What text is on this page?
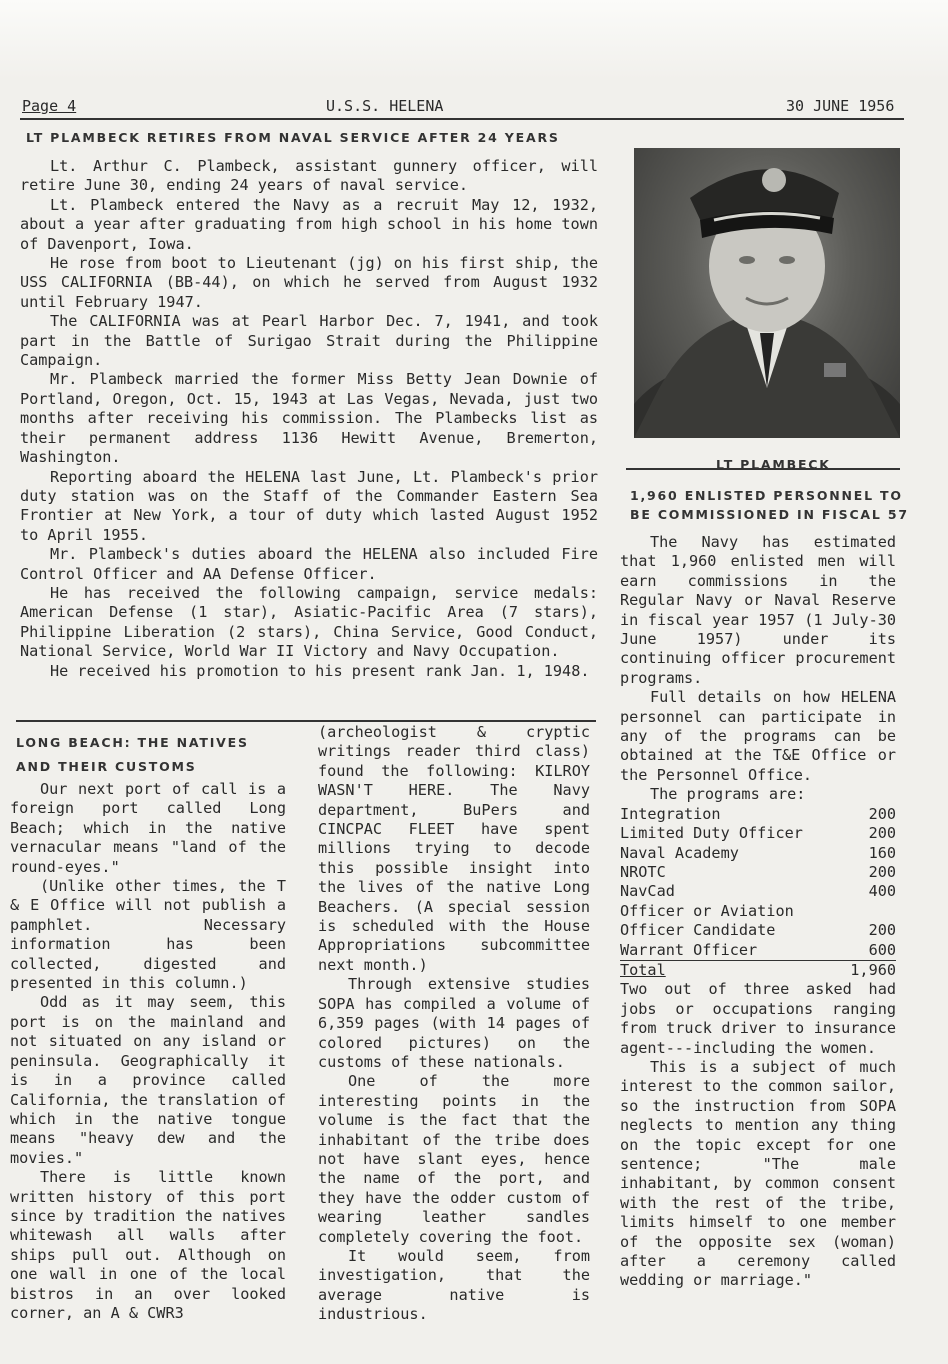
Page 4	U.S.S. HELENA	30 JUNE 1956
LT PLAMBECK RETIRES FROM NAVAL SERVICE AFTER 24 YEARS

Lt. Arthur C. Plambeck, assistant gunnery officer, will retire June 30, ending 24 years of naval service.

Lt. Plambeck entered the Navy as a recruit May 12, 1932, about a year after graduating from high school in his home town of Davenport, Iowa.

He rose from boot to Lieutenant (jg) on his first ship, the USS CALIFORNIA (BB-44), on which he served from August 1932 until February 1947.

The CALIFORNIA was at Pearl Harbor Dec. 7, 1941, and took part in the Battle of Surigao Strait during the Philippine Campaign.

Mr. Plambeck married the former Miss Betty Jean Downie of Portland, Oregon, Oct. 15, 1943 at Las Vegas, Nevada, just two months after receiving his commission. The Plambecks list as their permanent address 1136 Hewitt Avenue, Bremerton, Washington.

Reporting aboard the HELENA last June, Lt. Plambeck's prior duty station was on the Staff of the Commander Eastern Sea Frontier at New York, a tour of duty which lasted August 1952 to April 1955.

Mr. Plambeck's duties aboard the HELENA also included Fire Control Officer and AA Defense Officer.

He has received the following campaign, service medals: American Defense (1 star), Asiatic-Pacific Area (7 stars), Philippine Liberation (2 stars), China Service, Good Conduct, National Service, World War II Victory and Navy Occupation.

He received his promotion to his present rank Jan. 1, 1948.

LT PLAMBECK
1,960 ENLISTED PERSONNEL TO
BE COMMISSIONED IN FISCAL 57

The Navy has estimated that 1,960 enlisted men will earn commissions in the Regular Navy or Naval Reserve in fiscal year 1957 (1 July-30 June 1957) under its continuing officer procurement programs.

Full details on how HELENA personnel can participate in any of the programs can be obtained at the T&E Office or the Personnel Office.

The programs are:

Integration	200
Limited Duty Officer	200
Naval Academy	160
NROTC	200
NavCad	400
Officer or Aviation	
Officer Candidate	200
Warrant Officer	600
Total	1,960

Two out of three asked had jobs or occupations ranging from truck driver to insurance agent---including the women.

This is a subject of much interest to the common sailor, so the instruction from SOPA neglects to mention any thing on the topic except for one sentence; "The male inhabitant, by common consent with the rest of the tribe, limits himself to one member of the opposite sex (woman) after a ceremony called wedding or marriage."

LONG BEACH: THE NATIVES
AND THEIR CUSTOMS

Our next port of call is a foreign port called Long Beach; which in the native vernacular means "land of the round-eyes."

(Unlike other times, the T & E Office will not publish a pamphlet. Necessary information has been collected, digested and presented in this column.)

Odd as it may seem, this port is on the mainland and not situated on any island or peninsula. Geographically it is in a province called California, the translation of which in the native tongue means "heavy dew and the movies."

There is little known written history of this port since by tradition the natives whitewash all walls after ships pull out. Although on one wall in one of the local bistros in an over looked corner, an A & CWR3

(archeologist & cryptic writings reader third class) found the following: KILROY WASN'T HERE. The Navy department, BuPers and CINCPAC FLEET have spent millions trying to decode this possible insight into the lives of the native Long Beachers. (A special session is scheduled with the House Appropriations subcommittee next month.)

Through extensive studies SOPA has compiled a volume of 6,359 pages (with 14 pages of colored pictures) on the customs of these nationals.

One of the more interesting points in the volume is the fact that the inhabitant of the tribe does not have slant eyes, hence the name of the port, and they have the odder custom of wearing leather sandles completely covering the foot.

It would seem, from investigation, that the average native is industrious.
